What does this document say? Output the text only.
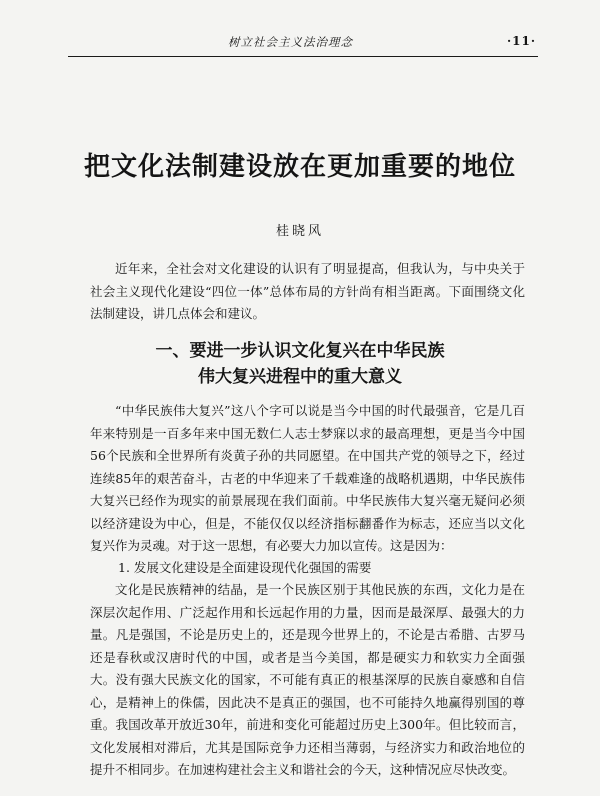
树立社会主义法治理念	·11·
把文化法制建设放在更加重要的地位
桂晓风

近年来，全社会对文化建设的认识有了明显提高，但我认为，与中央关于社会主义现代化建设“四位一体”总体布局的方针尚有相当距离。下面围绕文化法制建设，讲几点体会和建议。

一、要进一步认识文化复兴在中华民族
伟大复兴进程中的重大意义

“中华民族伟大复兴”这八个字可以说是当今中国的时代最强音，它是几百年来特别是一百多年来中国无数仁人志士梦寐以求的最高理想，更是当今中国56个民族和全世界所有炎黄子孙的共同愿望。在中国共产党的领导之下，经过连续85年的艰苦奋斗，古老的中华迎来了千载难逢的战略机遇期，中华民族伟大复兴已经作为现实的前景展现在我们面前。中华民族伟大复兴毫无疑问必须以经济建设为中心，但是，不能仅仅以经济指标翻番作为标志，还应当以文化复兴作为灵魂。对于这一思想，有必要大力加以宣传。这是因为：

1. 发展文化建设是全面建设现代化强国的需要

文化是民族精神的结晶，是一个民族区别于其他民族的东西，文化力是在深层次起作用、广泛起作用和长远起作用的力量，因而是最深厚、最强大的力量。凡是强国，不论是历史上的，还是现今世界上的，不论是古希腊、古罗马还是春秋或汉唐时代的中国，或者是当今美国，都是硬实力和软实力全面强大。没有强大民族文化的国家，不可能有真正的根基深厚的民族自豪感和自信心，是精神上的侏儒，因此决不是真正的强国，也不可能持久地赢得别国的尊重。我国改革开放近30年，前进和变化可能超过历史上300年。但比较而言，文化发展相对滞后，尤其是国际竞争力还相当薄弱，与经济实力和政治地位的提升不相同步。在加速构建社会主义和谐社会的今天，这种情况应尽快改变。
